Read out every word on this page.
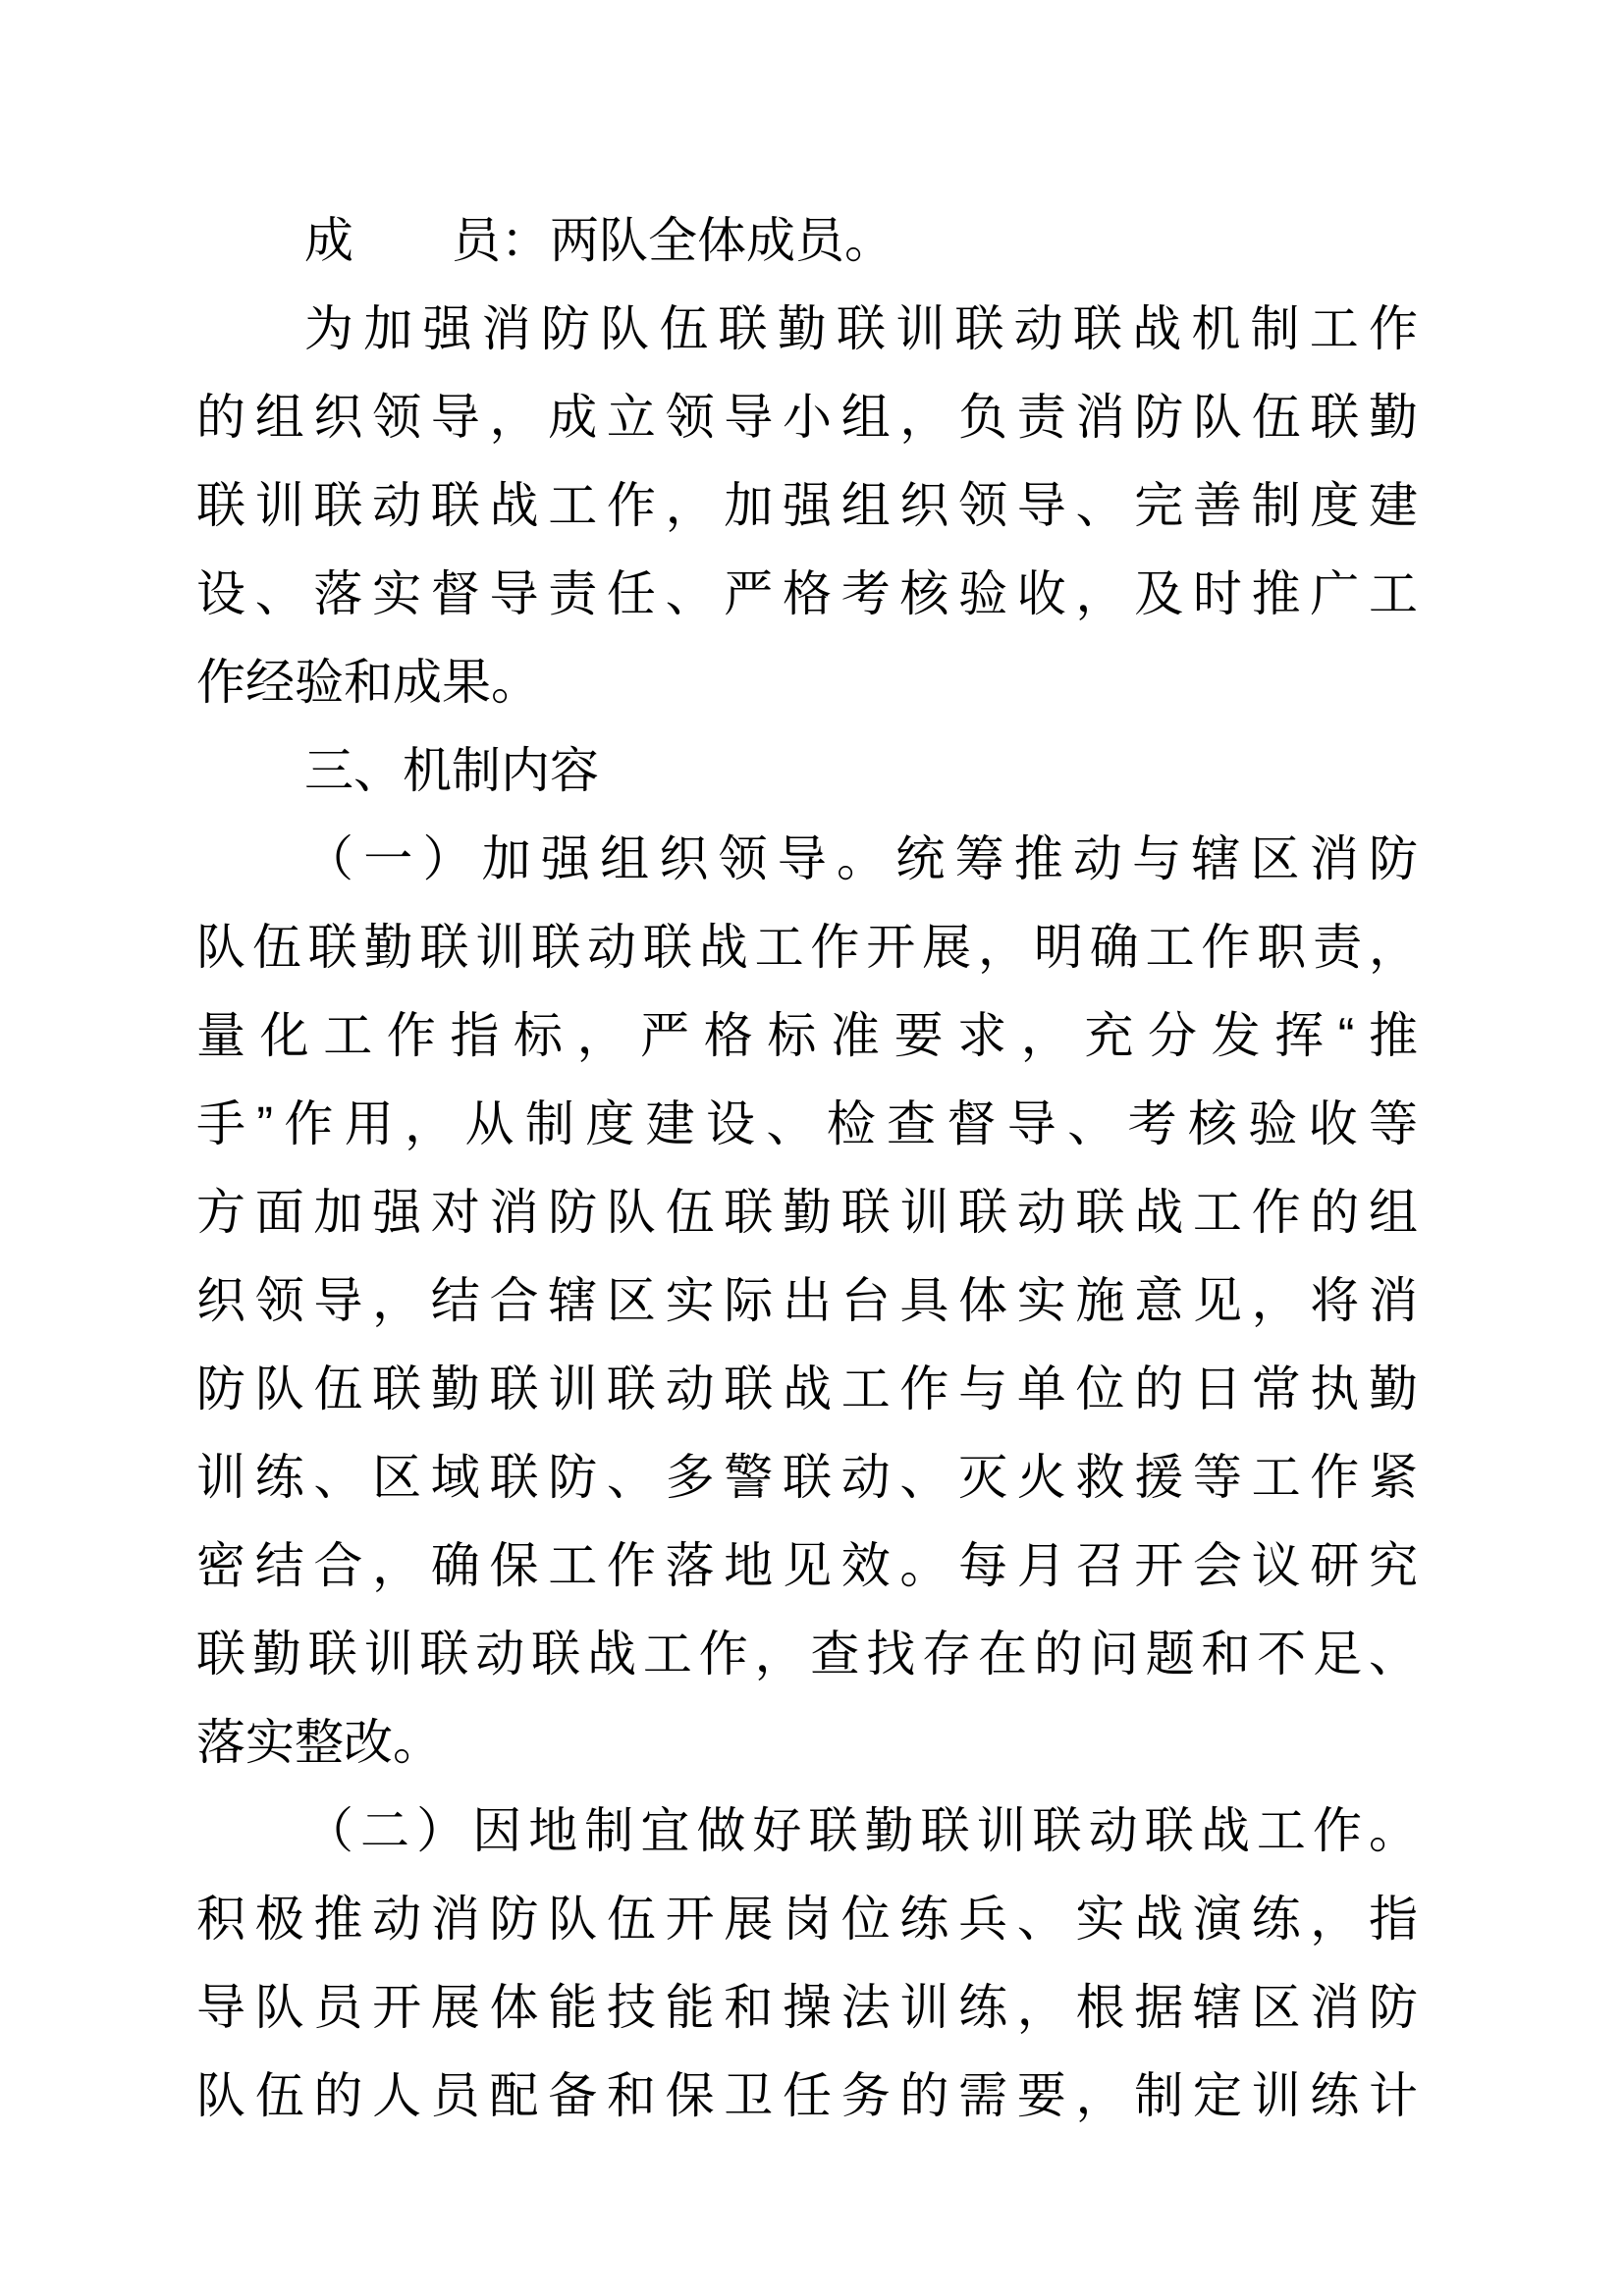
成　　员：两队全体成员。
为加强消防队伍联勤联训联动联战机制工作
的组织领导，成立领导小组，负责消防队伍联勤
联训联动联战工作，加强组织领导、完善制度建
设、落实督导责任、严格考核验收，及时推广工
作经验和成果。
三、机制内容
（一）加强组织领导。统筹推动与辖区消防
队伍联勤联训联动联战工作开展，明确工作职责，
量化工作指标，严格标准要求，充分发挥“推
手”作用，从制度建设、检查督导、考核验收等
方面加强对消防队伍联勤联训联动联战工作的组
织领导，结合辖区实际出台具体实施意见，将消
防队伍联勤联训联动联战工作与单位的日常执勤
训练、区域联防、多警联动、灭火救援等工作紧
密结合，确保工作落地见效。每月召开会议研究
联勤联训联动联战工作，查找存在的问题和不足、
落实整改。
（二）因地制宜做好联勤联训联动联战工作。
积极推动消防队伍开展岗位练兵、实战演练，指
导队员开展体能技能和操法训练，根据辖区消防
队伍的人员配备和保卫任务的需要，制定训练计
